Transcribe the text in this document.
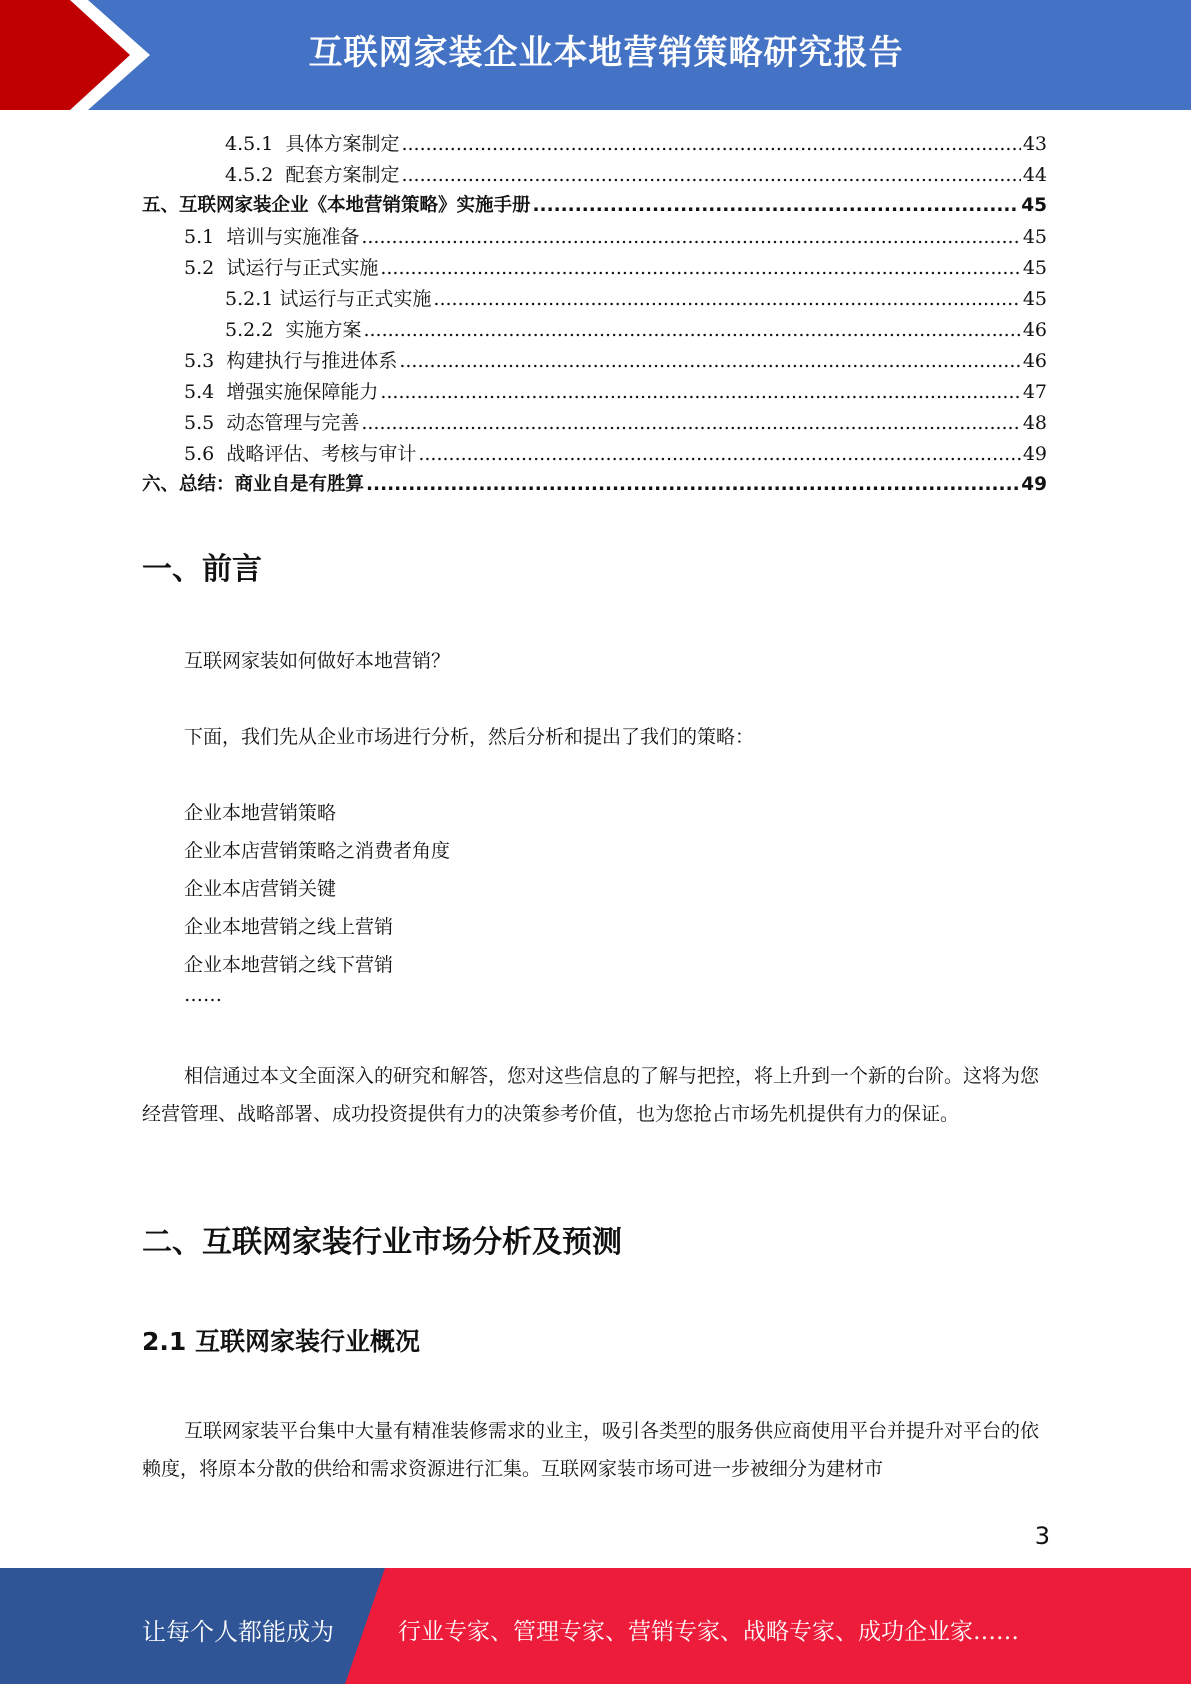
互联网家装企业本地营销策略研究报告
4.5.1 具体方案制定 .....	43
4.5.2 配套方案制定 .....	44
五、互联网家装企业《本地营销策略》实施手册 .....	45
5.1 培训与实施准备 .....	45
5.2 试运行与正式实施 .....	45
5.2.1 试运行与正式实施 .....	45
5.2.2 实施方案 .....	46
5.3 构建执行与推进体系 .....	46
5.4 增强实施保障能力 .....	47
5.5 动态管理与完善 .....	48
5.6 战略评估、考核与审计 .....	49
六、总结：商业自是有胜算 .....	49
一、前言
互联网家装如何做好本地营销？
下面，我们先从企业市场进行分析，然后分析和提出了我们的策略：
企业本地营销策略
企业本店营销策略之消费者角度
企业本店营销关键
企业本地营销之线上营销
企业本地营销之线下营销
……
相信通过本文全面深入的研究和解答，您对这些信息的了解与把控，将上升到一个新的台阶。这将为您经营管理、战略部署、成功投资提供有力的决策参考价值，也为您抢占市场先机提供有力的保证。
二、互联网家装行业市场分析及预测
2.1 互联网家装行业概况
互联网家装平台集中大量有精准装修需求的业主，吸引各类型的服务供应商使用平台并提升对平台的依赖度，将原本分散的供给和需求资源进行汇集。互联网家装市场可进一步被细分为建材市
3
让每个人都能成为	行业专家、管理专家、营销专家、战略专家、成功企业家……
